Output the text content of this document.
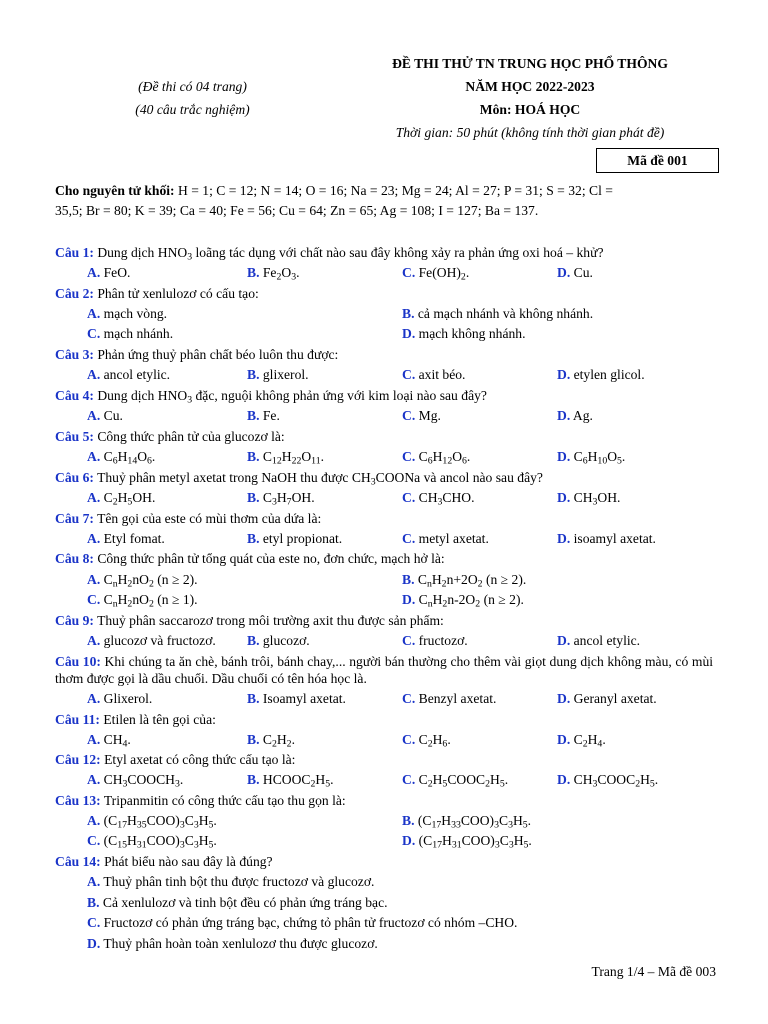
ĐỀ THI THỬ TN TRUNG HỌC PHỔ THÔNG
(Đề thi có 04 trang)	NĂM HỌC 2022-2023
(40 câu trắc nghiệm)	Môn: HOÁ HỌC
Thời gian: 50 phút (không tính thời gian phát đề)
Mã đề 001
Cho nguyên tử khối: H = 1; C = 12; N = 14; O = 16; Na = 23; Mg = 24; Al = 27; P = 31; S = 32; Cl =
35,5; Br = 80; K = 39; Ca = 40; Fe = 56; Cu = 64; Zn = 65; Ag = 108; I = 127; Ba = 137.
Câu 1: Dung dịch $HNO_3$ loãng tác dụng với chất nào sau đây không xảy ra phản ứng oxi hoá – khử?
A. FeO.	B. $Fe_2O_3$.	C. $Fe(OH)_2$.	D. Cu.
Câu 2: Phân tử xenlulozơ có cấu tạo:
A. mạch vòng.	B. cả mạch nhánh và không nhánh.
C. mạch nhánh.	D. mạch không nhánh.
Câu 3: Phản ứng thuỷ phân chất béo luôn thu được:
A. ancol etylic.	B. glixerol.	C. axit béo.	D. etylen glicol.
Câu 4: Dung dịch $HNO_3$ đặc, nguội không phản ứng với kim loại nào sau đây?
A. Cu.	B. Fe.	C. Mg.	D. Ag.
Câu 5: Công thức phân tử của glucozơ là:
A. $C_6H_{14}O_6$.	B. $C_{12}H_{22}O_{11}$.	C. $C_6H_{12}O_6$.	D. $C_6H_{10}O_5$.
Câu 6: Thuỷ phân metyl axetat trong NaOH thu được $CH_3COONa$ và ancol nào sau đây?
A. $C_2H_5OH$.	B. $C_3H_7OH$.	C. $CH_3CHO$.	D. $CH_3OH$.
Câu 7: Tên gọi của este có mùi thơm của dứa là:
A. Etyl fomat.	B. etyl propionat.	C. metyl axetat.	D. isoamyl axetat.
Câu 8: Công thức phân tử tổng quát của este no, đơn chức, mạch hở là:
A. $C_nH_2nO_2$ (n ≥ 2).	B. $C_nH_2n+2O_2$ (n ≥ 2).
C. $C_nH_2nO_2$ (n ≥ 1).	D. $C_nH_2n-2O_2$ (n ≥ 2).
Câu 9: Thuỷ phân saccarozơ trong môi trường axit thu được sản phẩm:
A. glucozơ và fructozơ. B. glucozơ.	C. fructozơ.	D. ancol etylic.
Câu 10: Khi chúng ta ăn chè, bánh trôi, bánh chay,... người bán thường cho thêm vài giọt dung dịch không màu, có mùi thơm được gọi là dầu chuối. Dầu chuối có tên hóa học là.
A. Glixerol.	B. Isoamyl axetat.	C. Benzyl axetat.	D. Geranyl axetat.
Câu 11: Etilen là tên gọi của:
A. $CH_4$.	B. $C_2H_2$.	C. $C_2H_6$.	D. $C_2H_4$.
Câu 12: Etyl axetat có công thức cấu tạo là:
A. $CH_3COOCH_3$.	B. $HCOOC_2H_5$.	C. $C_2H_5COOC_2H_5$.	D. $CH_3COOC_2H_5$.
Câu 13: Tripanmitin có công thức cấu tạo thu gọn là:
A. $(C_{17}H_{35}COO)_3C_3H_5$.	B. $(C_{17}H_{33}COO)_3C_3H_5$.
C. $(C_{15}H_{31}COO)_3C_3H_5$.	D. $(C_{17}H_{31}COO)_3C_3H_5$.
Câu 14: Phát biểu nào sau đây là đúng?
A. Thuỷ phân tinh bột thu được fructozơ và glucozơ.
B. Cả xenlulozơ và tinh bột đều có phản ứng tráng bạc.
C. Fructozơ có phản ứng tráng bạc, chứng tỏ phân tử fructozơ có nhóm –CHO.
D. Thuỷ phân hoàn toàn xenlulozơ thu được glucozơ.
Trang 1/4 – Mã đề 003
